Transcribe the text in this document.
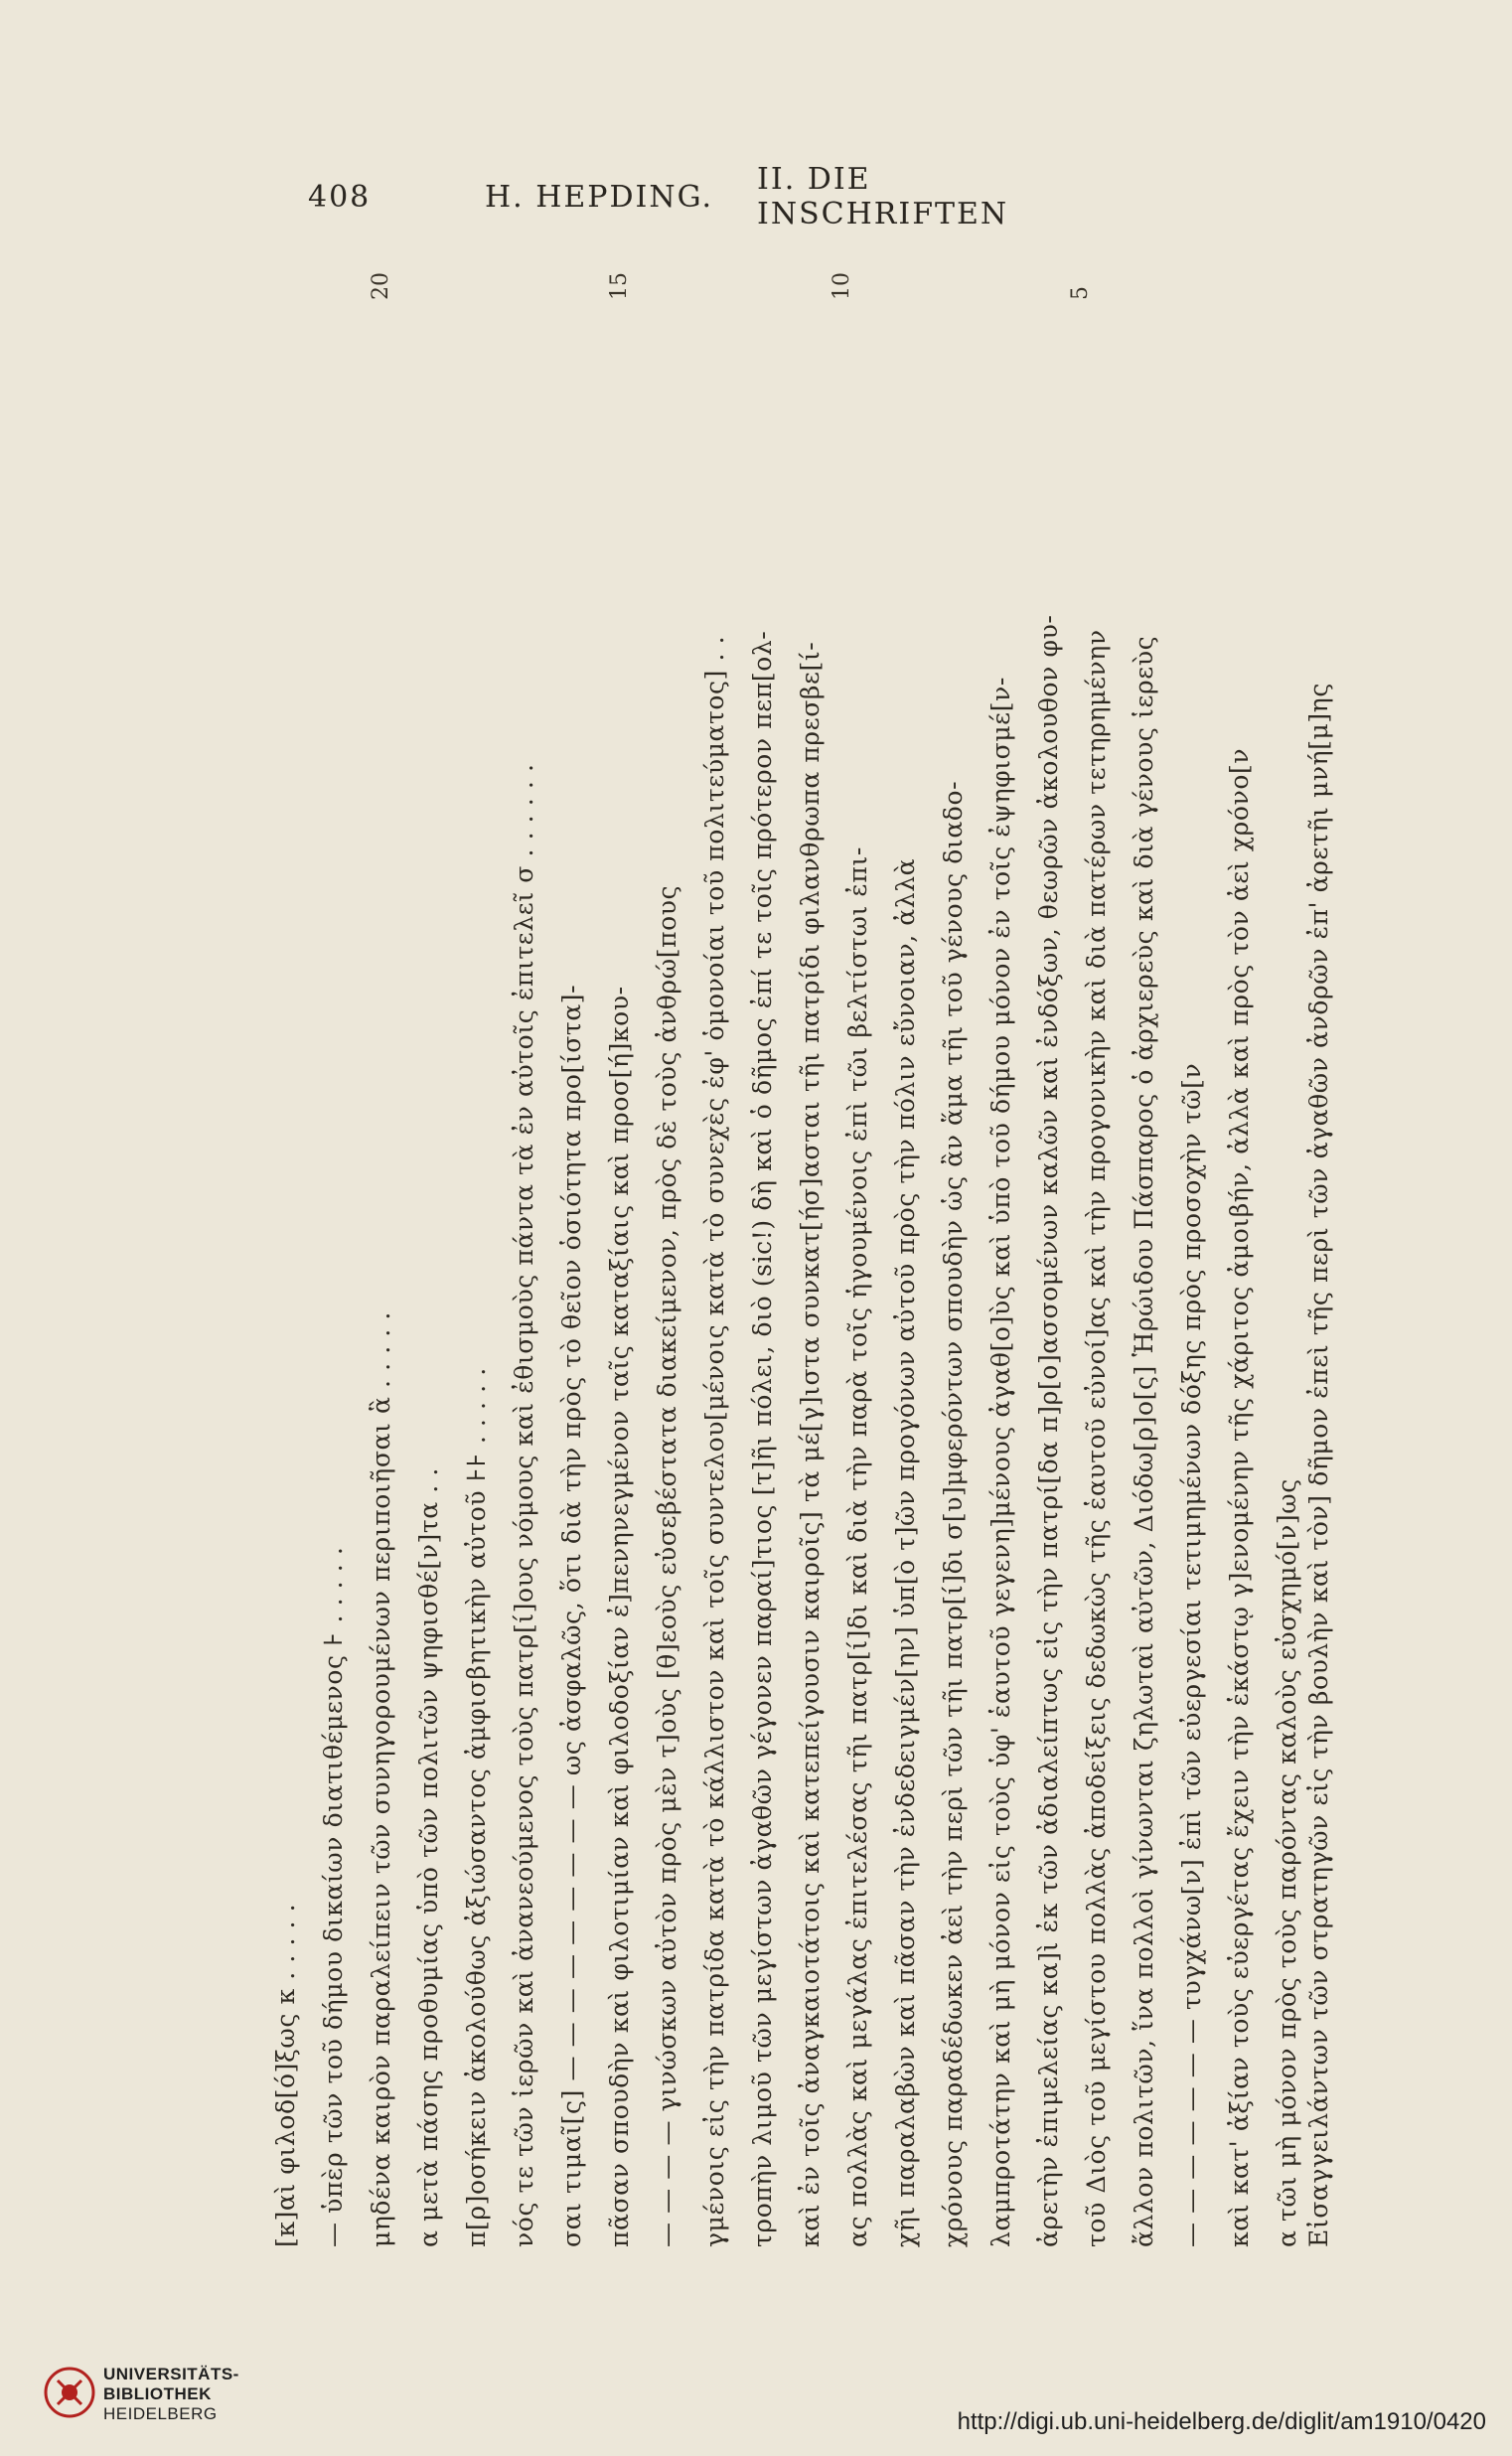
408	H. HEPDING. II. DIE INSCHRIFTEN
[κ]αὶ φιλοδ[ό]ξως κ . . . . . — ὑπὲρ τῶν τοῦ δήμου δικαίων διατιθέμενος ⊦ . . . . . μηδένα καιρὸν παραλείπειν τῶν συνηγορουμένων περιποιῆσαι ἃ . . . . . α μετὰ πάσης προθυμίας ὑπὸ τῶν πολιτῶν ψηφισθέ[ν]τα . . π[ρ]οσήκειν ἀκολούθως ἀξιώσαντος ἀμφισβητικὴν αὐτοῦ ⊦⊦ . . . . . νός τε τῶν ἱερῶν καὶ ἀνανεούμενος τοὺς πατρ[ί]ους νόμους καὶ ἐθισμοὺς πάντα τὰ ἐν αὐτοῖς ἐπιτελεῖ σ . . . . . . σαι τιμαῖ[ς] — — — — — — — — — ως ἀσφαλῶς, ὅτι διὰ τὴν πρὸς τὸ θεῖον ὁσιότητα προ[ίστα]- πᾶσαν σπουδὴν καὶ φιλοτιμίαν καὶ φιλοδοξίαν ἐ]πενηνεγμένον ταῖς καταξίαις καὶ προσ[ή]κου- — — — — γινώσκων αὐτὸν πρὸς μὲν τ]οὺς [θ]εοὺς εὐσεβέστατα διακείμενον, πρὸς δὲ τοὺς ἀνθρώ[πους γμένοις εἰς τὴν πατρίδα κατὰ τὸ κάλλιστον καὶ τοῖς συντελου[μένοις κατὰ τὸ συνεχὲς ἐφ' ὁμονοίαι τοῦ πολιτεύματος] . . τροπὴν λιμοῦ τῶν μεγίστων ἀγαθῶν γέγονεν παραί]τιος [τ]ῆι πόλει, διὸ (sic!) δὴ καὶ ὁ δῆμος ἐπί τε τοῖς πρότερον πεπ[ολ- καὶ ἐν τοῖς ἀναγκαιοτάτοις καὶ κατεπείγουσιν καιροῖς] τὰ μέ[γ]ιστα συνκατ[ήσ]ασται τῆι πατρίδι φιλανθρωπα πρεσβε[ί- ας πολλὰς καὶ μεγάλας ἐπιτελέσας τῆι πατρ[ί]δι καὶ διὰ τὴν παρὰ τοῖς ἡγουμένοις ἐπὶ τῶι βελτίστωι ἐπι- χῆι παραλαβὼν καὶ πᾶσαν τὴν ἐνδεδειγμέν[ην] ὑπ[ὸ τ]ῶν προγόνων αὐτοῦ πρὸς τὴν πόλιν εὔνοιαν, ἀλλὰ χρόνους παραδέδωκεν ἀεὶ τὴν περὶ τῶν τῆι πατρ[ί]δι σ[υ]μφερόντων σπουδὴν ὡς ἂν ἅμα τῆι τοῦ γένους διαδο- λαμπροτάτην καὶ μὴ μόνον εἰς τοὺς ὑφ' ἑαυτοῦ γεγενη]μένους ἀγαθ[ο]ὺς καὶ ὑπὸ τοῦ δήμου μόνον ἐν τοῖς ἐψηφισμέ[ν- ἀρετὴν ἐπιμελείας κα]ὶ ἐκ τῶν ἀδιαλείπτως εἰς τὴν πατρί[δα π]ρ[ο]ασσομένων καλῶν καὶ ἐνδόξων, θεωρῶν ἀκολουθον φυ- τοῦ Διὸς τοῦ μεγίστου πολλὰς ἀποδείξεις δεδωκὼς τῆς ἑαυτοῦ εὐνοί]ας καὶ τὴν προγονικὴν καὶ διὰ πατέρων τετηρημένην ἄλλον πολιτῶν, ἵνα πολλοὶ γίνωνται ζηλωταὶ αὐτῶν, Διόδω[ρ]ο[ς] Ἡρώιδου Πάσπαρος ὁ ἀρχιερεὺς καὶ διὰ γένους ἱερεὺς — — — — — — — τυγχάνω[ν] ἐπὶ τῶν εὐεργεσίαι τετιμημένων δόξης πρὸς προσοχὴν τῶ[ν καὶ κατ' ἀξίαν τοὺς εὐεργέτας ἔχειν τὴν ἑκάστῳ γ]ενομένην τῆς χάριτος ἀμοιβήν, ἀλλὰ καὶ πρὸς τὸν ἀεὶ χρόνο[ν α τῶι μὴ μόνον πρὸς τοὺς παρόντας καλοὺς εὐσχημό[ν]ως Εἰσαγγειλάντων τῶν στρατηγῶν εἰς τὴν βουλὴν καὶ τὸν] δῆμον ἐπεὶ τῆς περὶ τῶν ἀγαθῶν ἀνδρῶν ἐπ' ἀρετῆι μνή[μ]ης
5
10
15
20
UNIVERSITÄTS-
BIBLIOTHEK
HEIDELBERG	http://digi.ub.uni-heidelberg.de/diglit/am1910/0420
